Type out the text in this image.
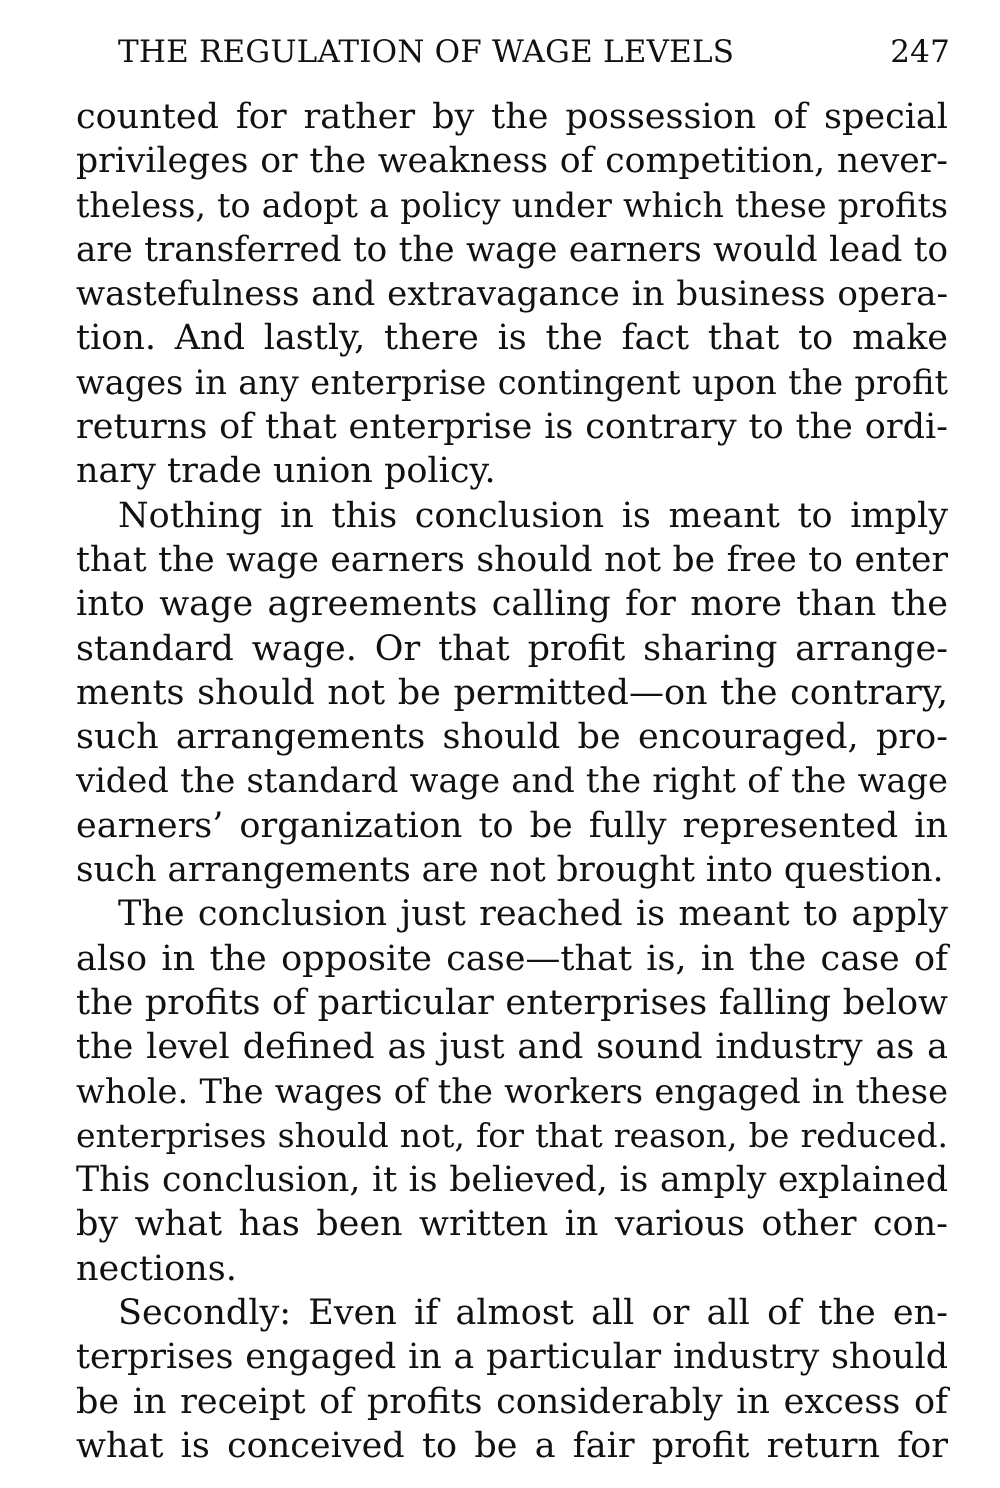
THE REGULATION OF WAGE LEVELS	247
counted for rather by the possession of special
privileges or the weakness of competition, never-
theless, to adopt a policy under which these profits
are transferred to the wage earners would lead to
wastefulness and extravagance in business opera-
tion. And lastly, there is the fact that to make
wages in any enterprise contingent upon the profit
returns of that enterprise is contrary to the ordi-
nary trade union policy.
Nothing in this conclusion is meant to imply
that the wage earners should not be free to enter
into wage agreements calling for more than the
standard wage. Or that profit sharing arrange-
ments should not be permitted—on the contrary,
such arrangements should be encouraged, pro-
vided the standard wage and the right of the wage
earners’ organization to be fully represented in
such arrangements are not brought into question.
The conclusion just reached is meant to apply
also in the opposite case—that is, in the case of
the profits of particular enterprises falling below
the level defined as just and sound industry as a
whole. The wages of the workers engaged in these
enterprises should not, for that reason, be reduced.
This conclusion, it is believed, is amply explained
by what has been written in various other con-
nections.
Secondly: Even if almost all or all of the en-
terprises engaged in a particular industry should
be in receipt of profits considerably in excess of
what is conceived to be a fair profit return for
